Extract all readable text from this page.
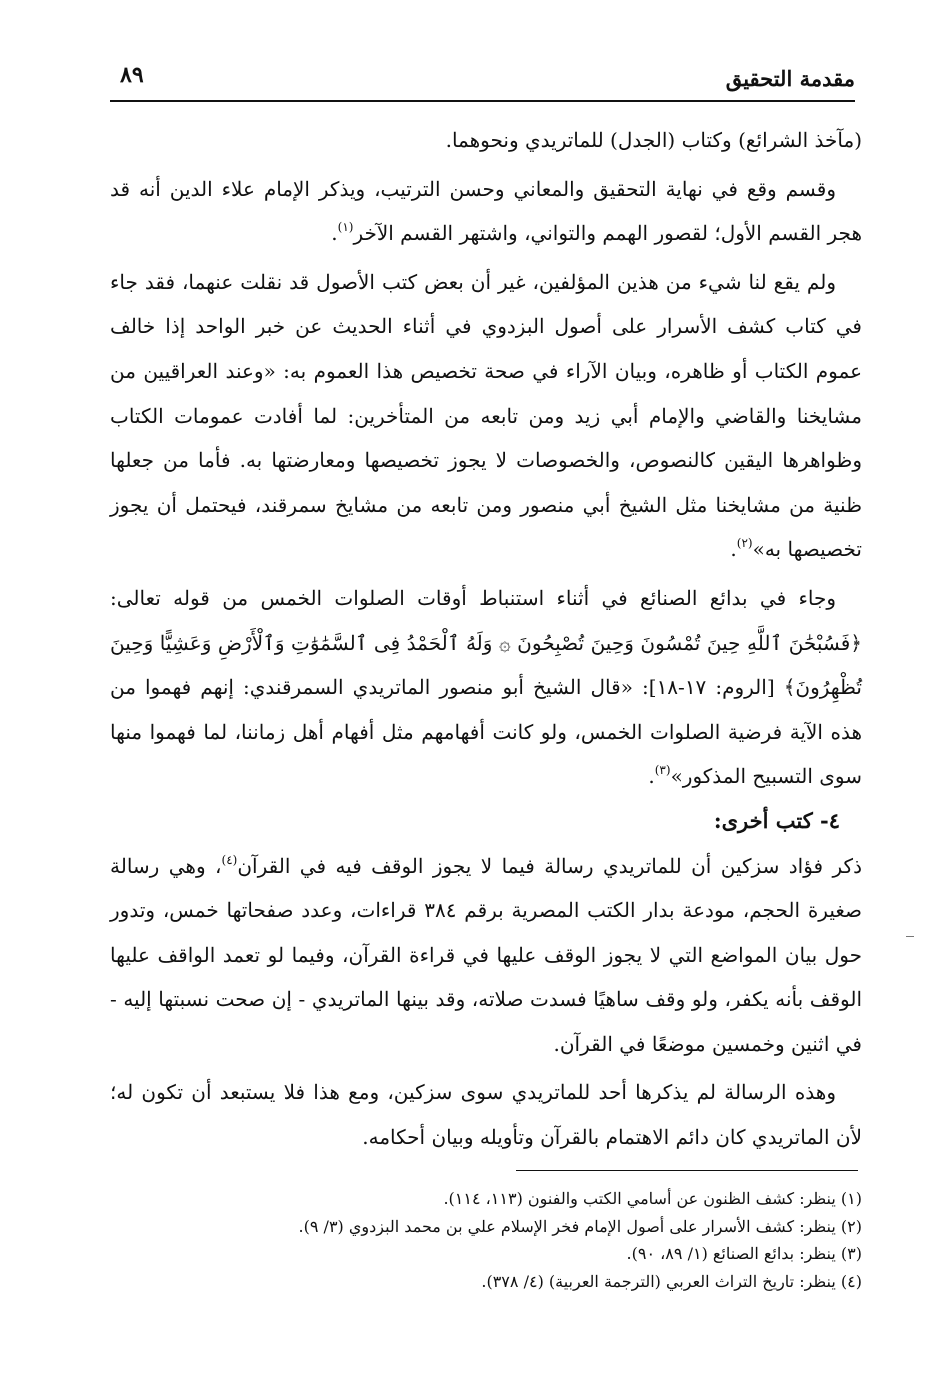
مقدمة التحقيق
٨٩

(مآخذ الشرائع) وكتاب (الجدل) للماتريدي ونحوهما.

وقسم وقع في نهاية التحقيق والمعاني وحسن الترتيب، ويذكر الإمام علاء الدين أنه قد هجر القسم الأول؛ لقصور الهمم والتواني، واشتهر القسم الآخر$^{(١)}$.

ولم يقع لنا شيء من هذين المؤلفين، غير أن بعض كتب الأصول قد نقلت عنهما، فقد جاء في كتاب كشف الأسرار على أصول البزدوي في أثناء الحديث عن خبر الواحد إذا خالف عموم الكتاب أو ظاهره، وبيان الآراء في صحة تخصيص هذا العموم به: «وعند العراقيين من مشايخنا والقاضي والإمام أبي زيد ومن تابعه من المتأخرين: لما أفادت عمومات الكتاب وظواهرها اليقين كالنصوص، والخصوصات لا يجوز تخصيصها ومعارضتها به. فأما من جعلها ظنية من مشايخنا مثل الشيخ أبي منصور ومن تابعه من مشايخ سمرقند، فيحتمل أن يجوز تخصيصها به»$^{(٢)}$.

وجاء في بدائع الصنائع في أثناء استنباط أوقات الصلوات الخمس من قوله تعالى: ﴿فَسُبْحَٰنَ ٱللَّهِ حِينَ تُمْسُونَ وَحِينَ تُصْبِحُونَ ۞ وَلَهُ ٱلْحَمْدُ فِى ٱلسَّمَٰوَٰتِ وَٱلْأَرْضِ وَعَشِيًّا وَحِينَ تُظْهِرُونَ﴾ [الروم: ١٧-١٨]: «قال الشيخ أبو منصور الماتريدي السمرقندي: إنهم فهموا من هذه الآية فرضية الصلوات الخمس، ولو كانت أفهامهم مثل أفهام أهل زماننا، لما فهموا منها سوى التسبيح المذكور»$^{(٣)}$.

٤- كتب أخرى:

ذكر فؤاد سزكين أن للماتريدي رسالة فيما لا يجوز الوقف فيه في القرآن$^{(٤)}$، وهي رسالة صغيرة الحجم، مودعة بدار الكتب المصرية برقم ٣٨٤ قراءات، وعدد صفحاتها خمس، وتدور حول بيان المواضع التي لا يجوز الوقف عليها في قراءة القرآن، وفيما لو تعمد الواقف عليها الوقف بأنه يكفر، ولو وقف ساهيًا فسدت صلاته، وقد بينها الماتريدي - إن صحت نسبتها إليه - في اثنين وخمسين موضعًا في القرآن.

وهذه الرسالة لم يذكرها أحد للماتريدي سوى سزكين، ومع هذا فلا يستبعد أن تكون له؛ لأن الماتريدي كان دائم الاهتمام بالقرآن وتأويله وبيان أحكامه.

(١) ينظر: كشف الظنون عن أسامي الكتب والفنون (١١٣، ١١٤).

(٢) ينظر: كشف الأسرار على أصول الإمام فخر الإسلام علي بن محمد البزدوي (٣/ ٩).

(٣) ينظر: بدائع الصنائع (١/ ٨٩، ٩٠).

(٤) ينظر: تاريخ التراث العربي (الترجمة العربية) (٤/ ٣٧٨).
